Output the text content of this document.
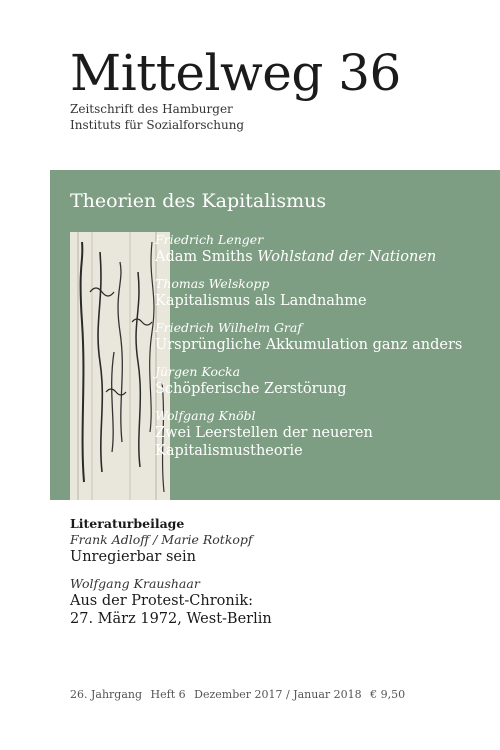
Mittelweg 36
Zeitschrift des Hamburger
Instituts für Sozialforschung
Theorien des Kapitalismus
Friedrich Lenger
Adam Smiths Wohlstand der Nationen
Thomas Welskopp
Kapitalismus als Landnahme
Friedrich Wilhelm Graf
Ursprüngliche Akkumulation ganz anders
Jürgen Kocka
Schöpferische Zerstörung
Wolfgang Knöbl
Zwei Leerstellen der neueren
Kapitalismustheorie
Literaturbeilage
Frank Adloff / Marie Rotkopf
Unregierbar sein
Wolfgang Kraushaar
Aus der Protest-Chronik:
27. März 1972, West-Berlin
26. Jahrgang Heft 6 Dezember 2017 / Januar 2018 € 9,50
